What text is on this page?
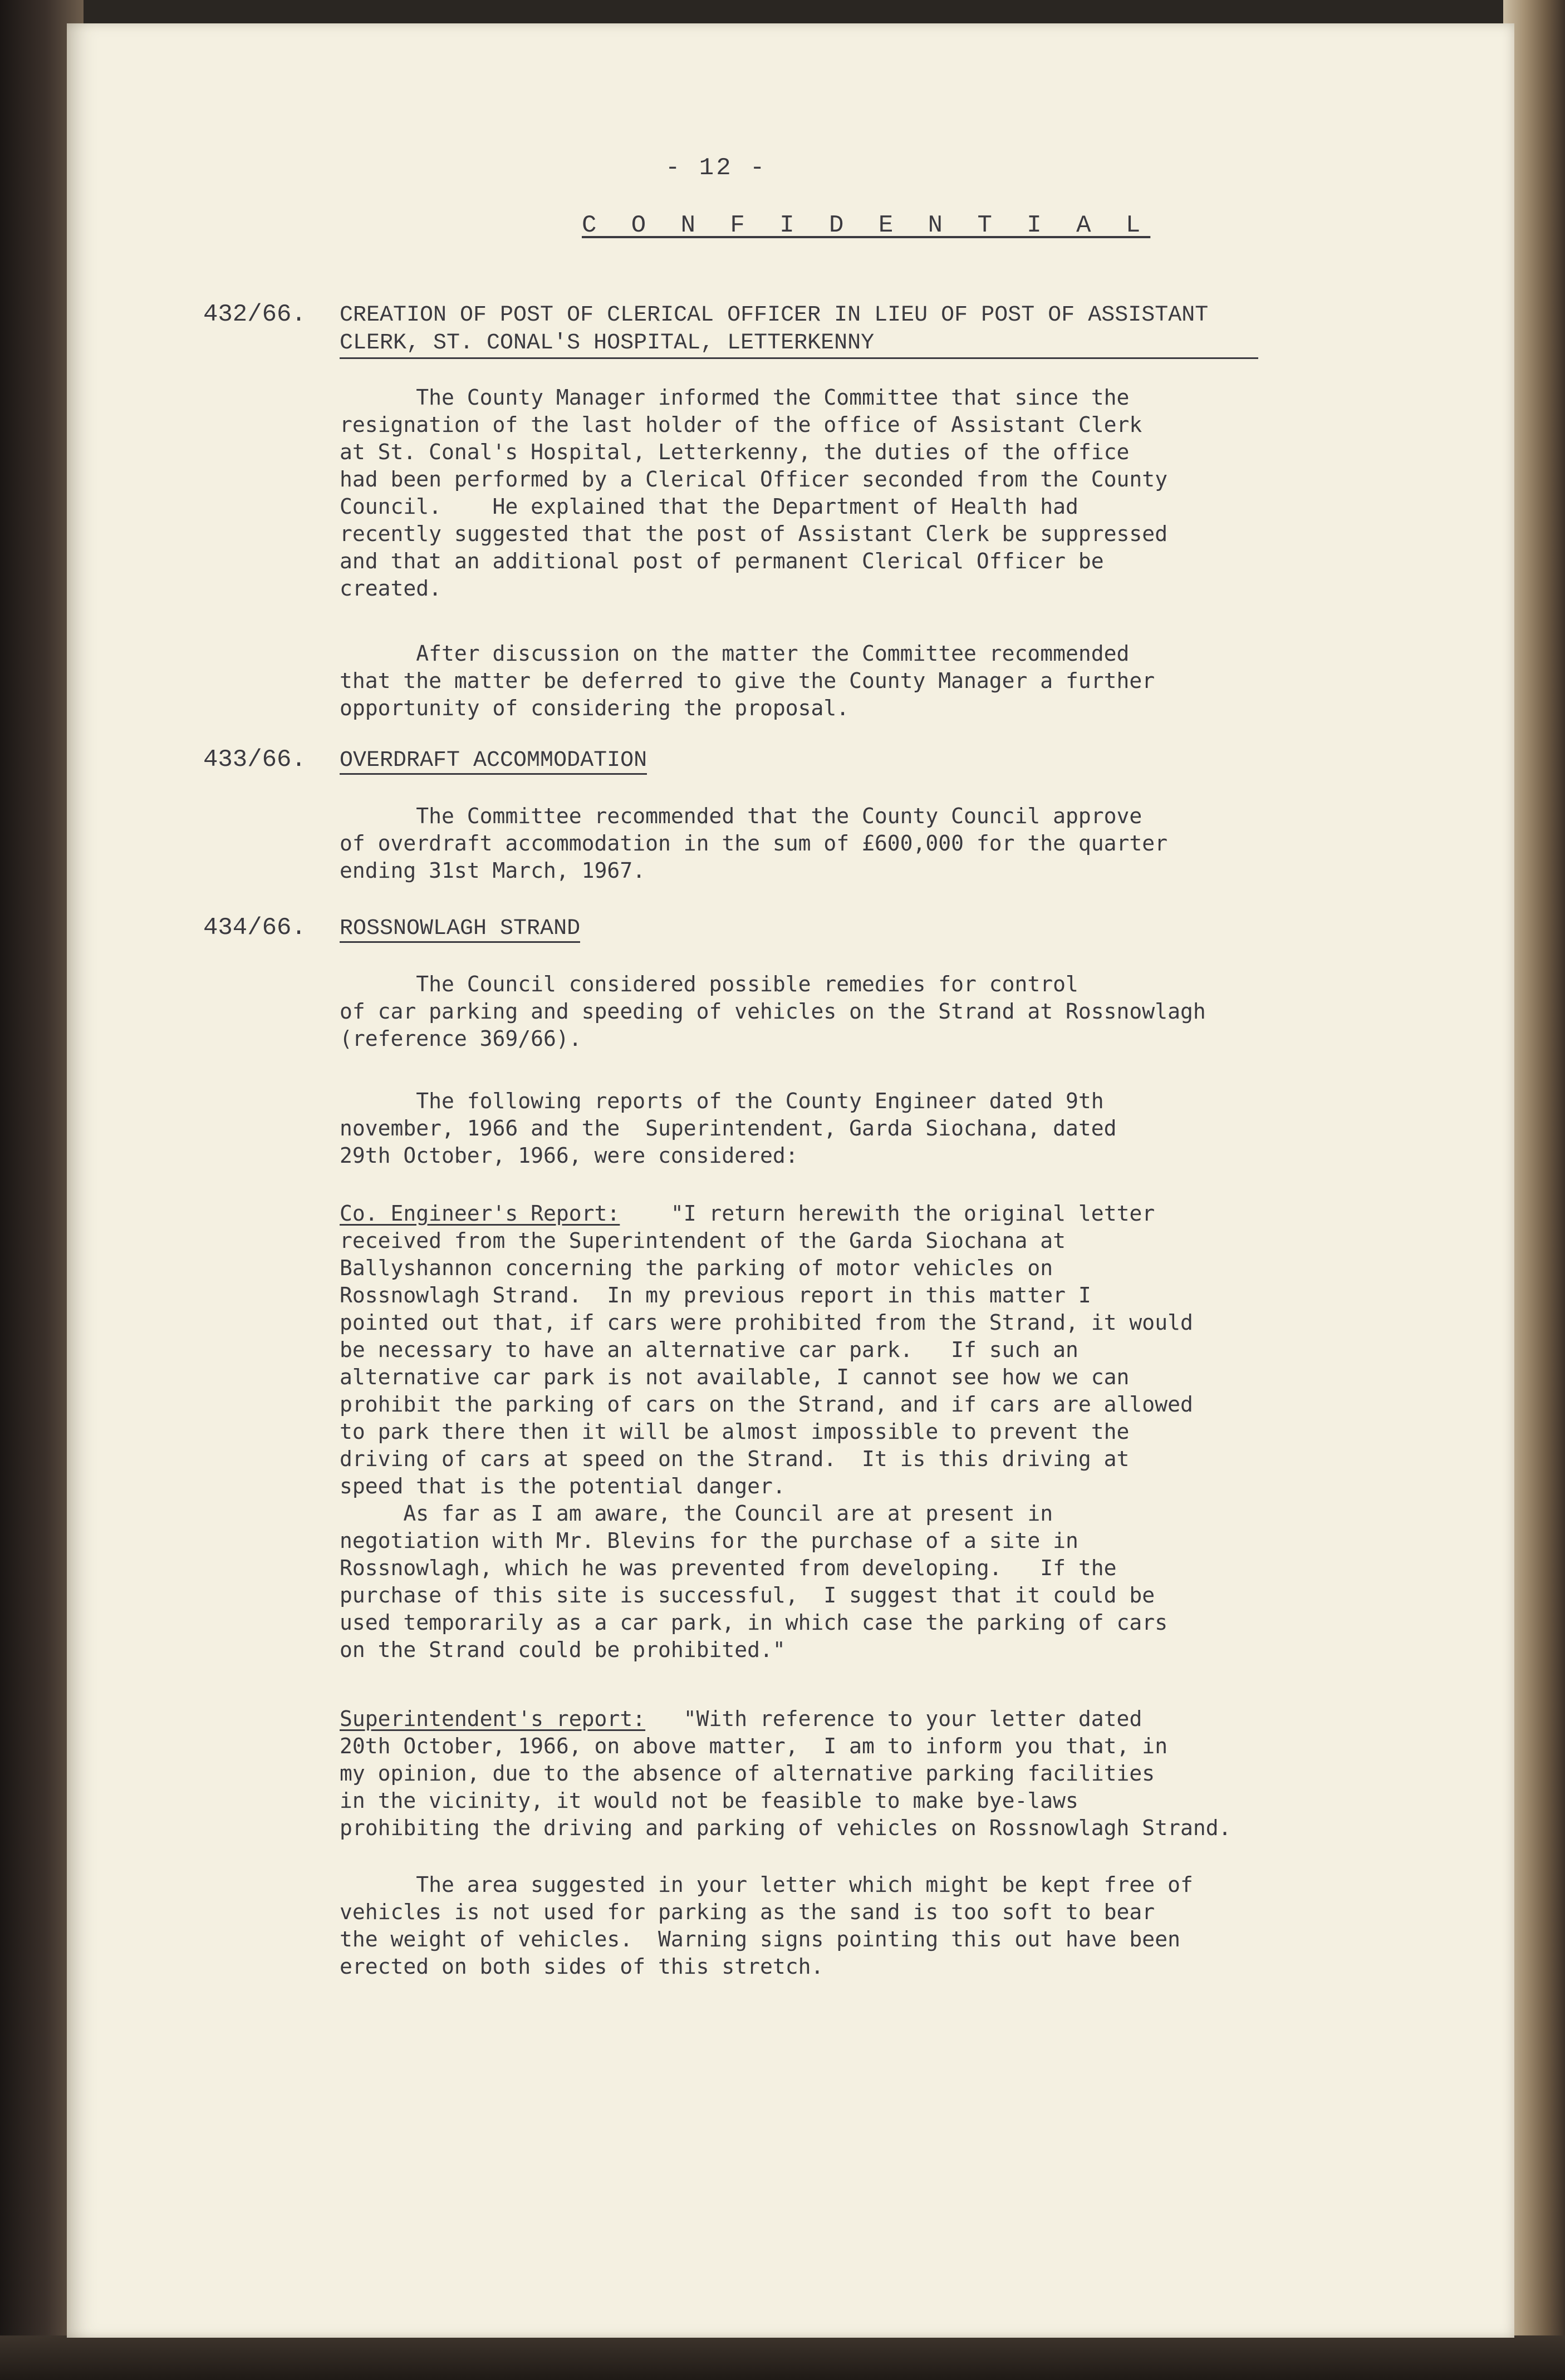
- 12 -
C O N F I D E N T I A L
432/66. CREATION OF POST OF CLERICAL OFFICER IN LIEU OF POST OF ASSISTANT
CLERK, ST. CONAL'S HOSPITAL, LETTERKENNY
The County Manager informed the Committee that since the
resignation of the last holder of the office of Assistant Clerk
at St. Conal's Hospital, Letterkenny, the duties of the office
had been performed by a Clerical Officer seconded from the County
Council.    He explained that the Department of Health had
recently suggested that the post of Assistant Clerk be suppressed
and that an additional post of permanent Clerical Officer be
created.
After discussion on the matter the Committee recommended
that the matter be deferred to give the County Manager a further
opportunity of considering the proposal.
433/66. OVERDRAFT ACCOMMODATION
The Committee recommended that the County Council approve
of overdraft accommodation in the sum of £600,000 for the quarter
ending 31st March, 1967.
434/66. ROSSNOWLAGH STRAND
The Council considered possible remedies for control
of car parking and speeding of vehicles on the Strand at Rossnowlagh
(reference 369/66).
The following reports of the County Engineer dated 9th
november, 1966 and the  Superintendent, Garda Siochana, dated
29th October, 1966, were considered:
Co. Engineer's Report:    "I return herewith the original letter
received from the Superintendent of the Garda Siochana at
Ballyshannon concerning the parking of motor vehicles on
Rossnowlagh Strand.  In my previous report in this matter I
pointed out that, if cars were prohibited from the Strand, it would
be necessary to have an alternative car park.   If such an
alternative car park is not available, I cannot see how we can
prohibit the parking of cars on the Strand, and if cars are allowed
to park there then it will be almost impossible to prevent the
driving of cars at speed on the Strand.  It is this driving at
speed that is the potential danger.
As far as I am aware, the Council are at present in
negotiation with Mr. Blevins for the purchase of a site in
Rossnowlagh, which he was prevented from developing.   If the
purchase of this site is successful,  I suggest that it could be
used temporarily as a car park, in which case the parking of cars
on the Strand could be prohibited."
Superintendent's report:   "With reference to your letter dated
20th October, 1966, on above matter,  I am to inform you that, in
my opinion, due to the absence of alternative parking facilities
in the vicinity, it would not be feasible to make bye-laws
prohibiting the driving and parking of vehicles on Rossnowlagh Strand.
The area suggested in your letter which might be kept free of
vehicles is not used for parking as the sand is too soft to bear
the weight of vehicles.  Warning signs pointing this out have been
erected on both sides of this stretch.
